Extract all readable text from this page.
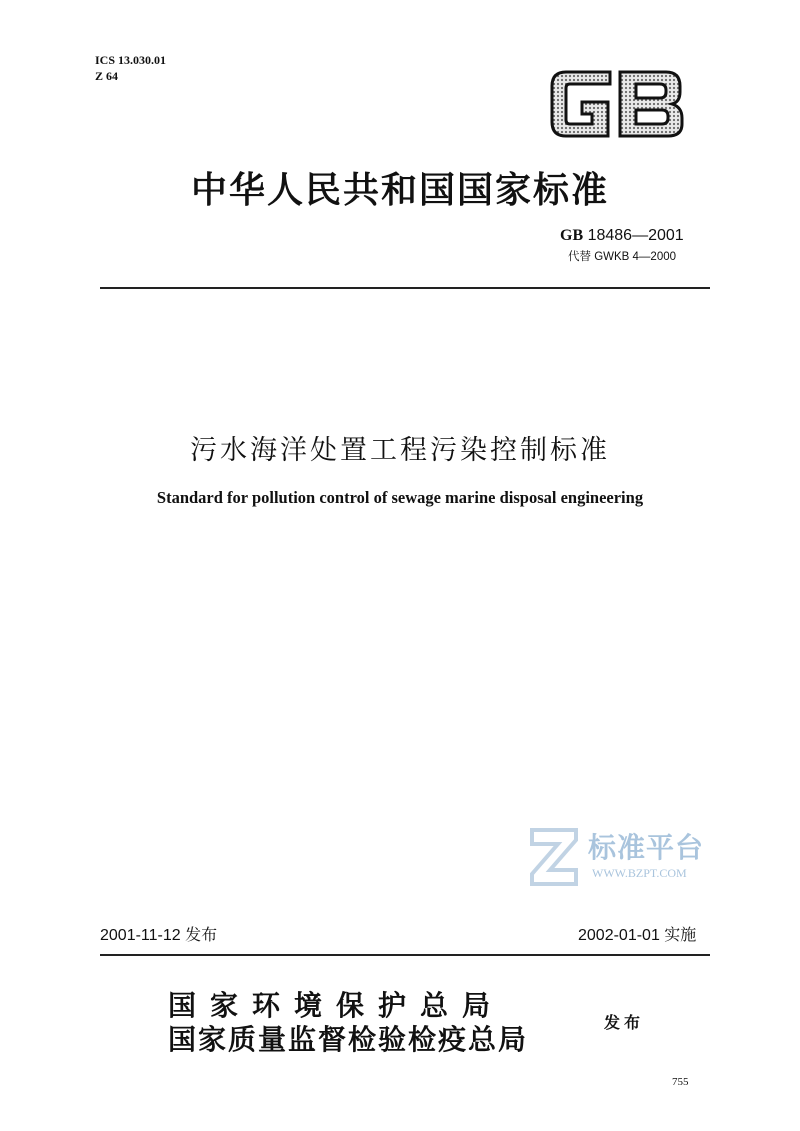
ICS 13.030.01
Z 64
中华人民共和国国家标准
GB 18486—2001
代替 GWKB 4—2000
污水海洋处置工程污染控制标准
Standard for pollution control of sewage marine disposal engineering
标准平台
WWW.BZPT.COM
2001-11-12 发布	2002-01-01 实施
国家环境保护总局
国家质量监督检验检疫总局
发布
755
